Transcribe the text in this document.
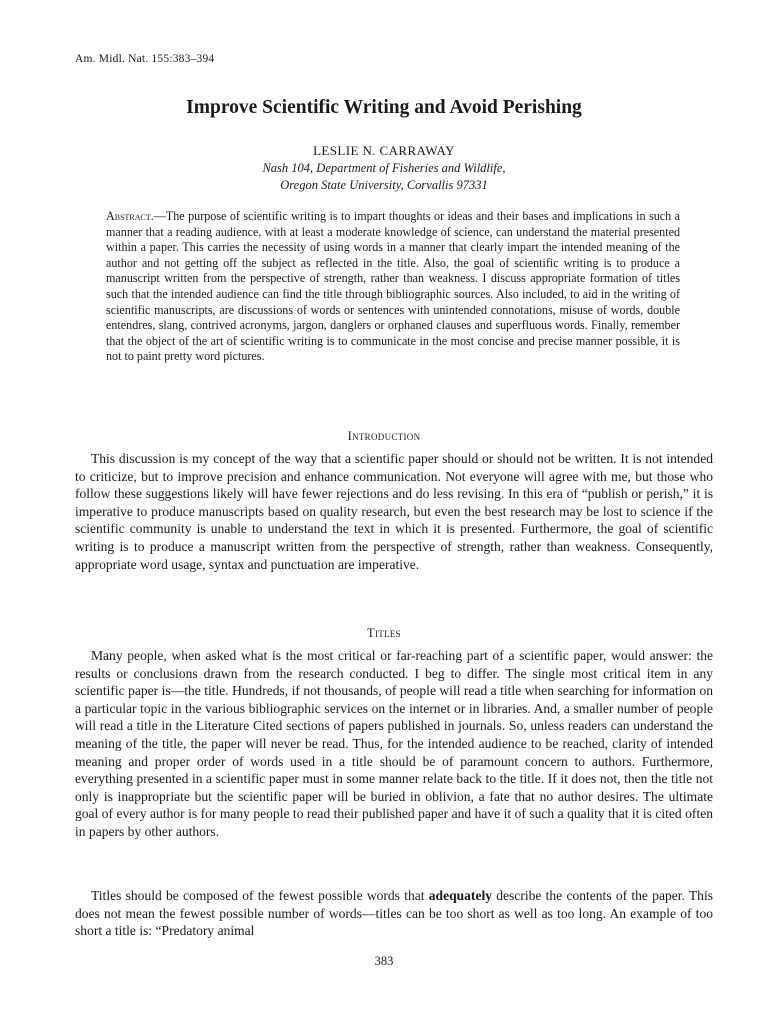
Am. Midl. Nat. 155:383–394
Improve Scientific Writing and Avoid Perishing
LESLIE N. CARRAWAY
Nash 104, Department of Fisheries and Wildlife,
Oregon State University, Corvallis 97331
Abstract.—The purpose of scientific writing is to impart thoughts or ideas and their bases and implications in such a manner that a reading audience, with at least a moderate knowledge of science, can understand the material presented within a paper. This carries the necessity of using words in a manner that clearly impart the intended meaning of the author and not getting off the subject as reflected in the title. Also, the goal of scientific writing is to produce a manuscript written from the perspective of strength, rather than weakness. I discuss appropriate formation of titles such that the intended audience can find the title through bibliographic sources. Also included, to aid in the writing of scientific manuscripts, are discussions of words or sentences with unintended connotations, misuse of words, double entendres, slang, contrived acronyms, jargon, danglers or orphaned clauses and superfluous words. Finally, remember that the object of the art of scientific writing is to communicate in the most concise and precise manner possible, it is not to paint pretty word pictures.
Introduction

This discussion is my concept of the way that a scientific paper should or should not be written. It is not intended to criticize, but to improve precision and enhance communication. Not everyone will agree with me, but those who follow these suggestions likely will have fewer rejections and do less revising. In this era of “publish or perish,” it is imperative to produce manuscripts based on quality research, but even the best research may be lost to science if the scientific community is unable to understand the text in which it is presented. Furthermore, the goal of scientific writing is to produce a manuscript written from the perspective of strength, rather than weakness. Consequently, appropriate word usage, syntax and punctuation are imperative.

Titles

Many people, when asked what is the most critical or far-reaching part of a scientific paper, would answer: the results or conclusions drawn from the research conducted. I beg to differ. The single most critical item in any scientific paper is—the title. Hundreds, if not thousands, of people will read a title when searching for information on a particular topic in the various bibliographic services on the internet or in libraries. And, a smaller number of people will read a title in the Literature Cited sections of papers published in journals. So, unless readers can understand the meaning of the title, the paper will never be read. Thus, for the intended audience to be reached, clarity of intended meaning and proper order of words used in a title should be of paramount concern to authors. Furthermore, everything presented in a scientific paper must in some manner relate back to the title. If it does not, then the title not only is inappropriate but the scientific paper will be buried in oblivion, a fate that no author desires. The ultimate goal of every author is for many people to read their published paper and have it of such a quality that it is cited often in papers by other authors.

Titles should be composed of the fewest possible words that adequately describe the contents of the paper. This does not mean the fewest possible number of words—titles can be too short as well as too long. An example of too short a title is: “Predatory animal

383
